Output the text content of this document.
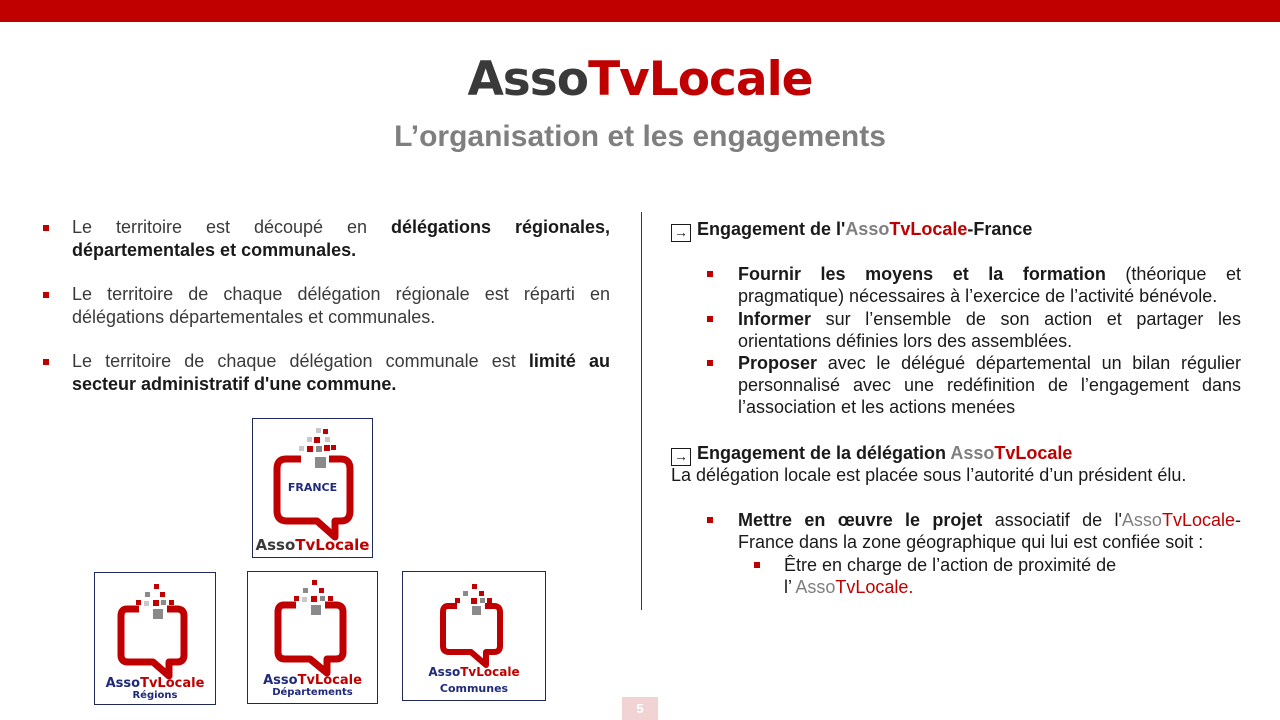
AssoTvLocale
L’organisation et les engagements
Le territoire est découpé en délégations régionales, départementales et communales.
Le territoire de chaque délégation régionale est réparti en délégations départementales et communales.
Le territoire de chaque délégation communale est limité au secteur administratif d'une commune.
FRANCE
AssoTvLocale
AssoTvLocale
Régions
AssoTvLocale
Départements
AssoTvLocale
Communes
→ Engagement de l'AssoTvLocale-France
Fournir les moyens et la formation (théorique et pragmatique) nécessaires à l’exercice de l’activité bénévole.
Informer sur l’ensemble de son action et partager les orientations définies lors des assemblées.
Proposer avec le délégué départemental un bilan régulier personnalisé avec une redéfinition de l’engagement dans l’association et les actions menées
→ Engagement de la délégation AssoTvLocale
La délégation locale est placée sous l’autorité d’un président élu.
Mettre en œuvre le projet associatif de l'AssoTvLocale-France dans la zone géographique qui lui est confiée soit :
Être en charge de l’action de proximité de
l’ AssoTvLocale.
5
